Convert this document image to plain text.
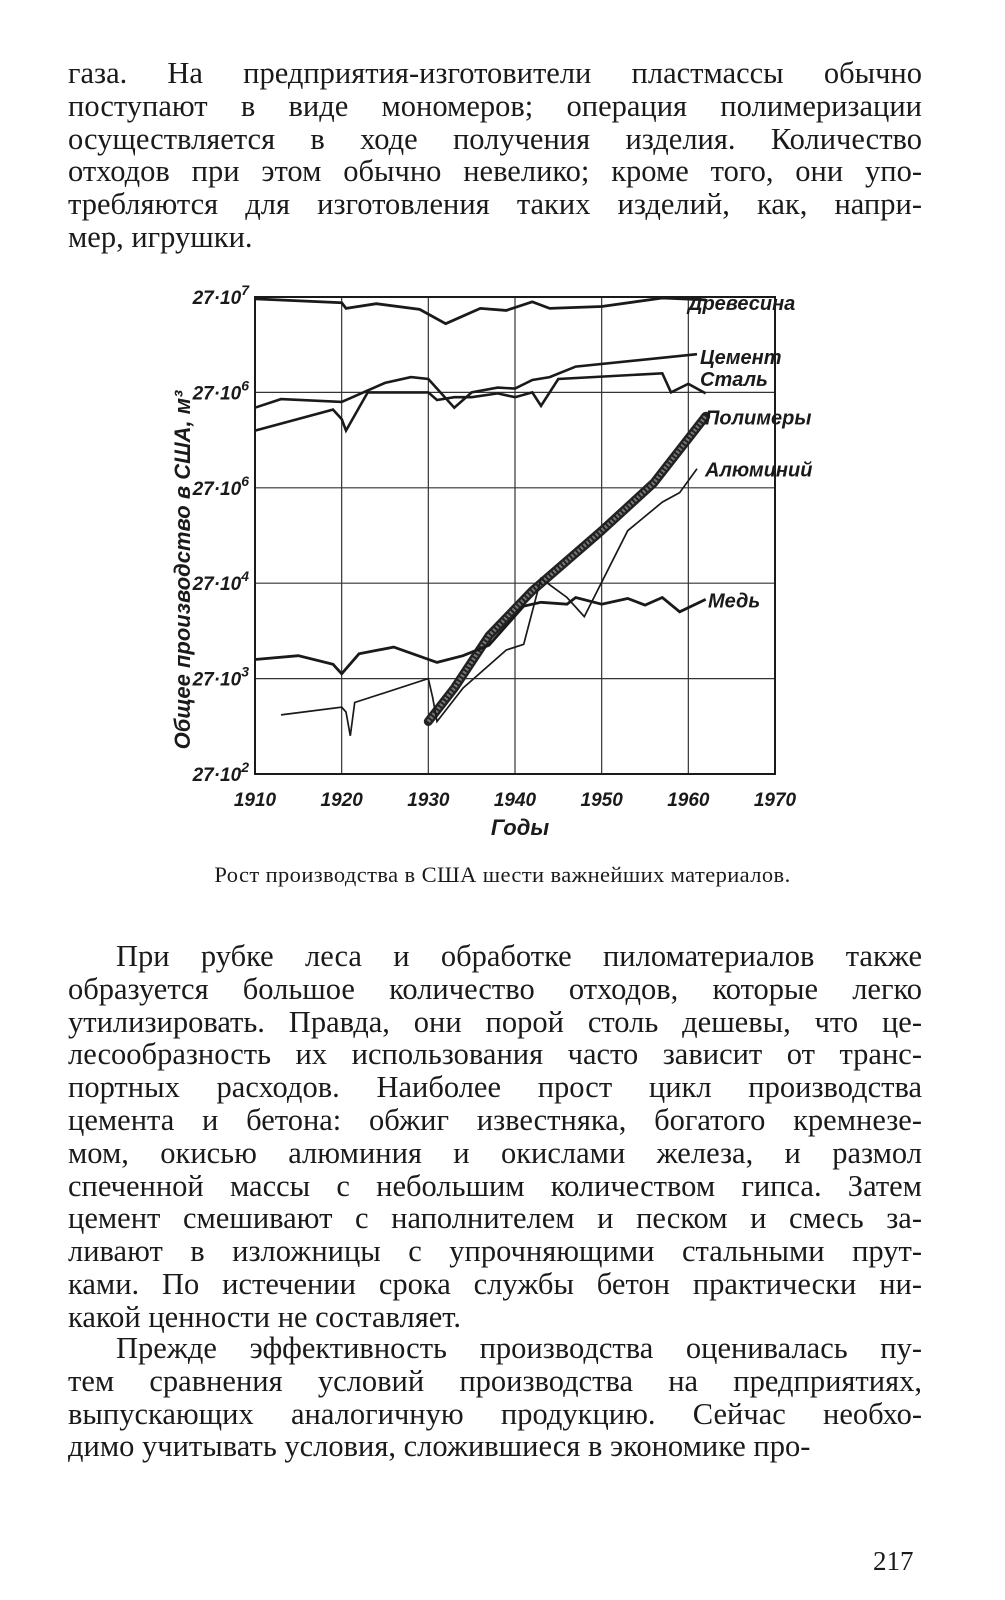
газа. На предприятия-изготовители пластмассы обычно
поступают в виде мономеров; операция полимеризации
осуществляется в ходе получения изделия. Количество
отходов при этом обычно невелико; кроме того, они упо-
требляются для изготовления таких изделий, как, напри-
мер, игрушки.

$27\cdot 10^2$
$27\cdot 10^3$
$27\cdot 10^4$
$27\cdot 10^6$
$27\cdot 10^6$
$27\cdot 10^7$
1910 1920 1930 1940 1950 1960 1970
Древесина
Цемент
Сталь
Полимеры
Алюминий
Медь
Годы
Общее производство в США, м³
Рост производства в США шести важнейших материалов.

При рубке леса и обработке пиломатериалов также
образуется большое количество отходов, которые легко
утилизировать. Правда, они порой столь дешевы, что це-
лесообразность их использования часто зависит от транс-
портных расходов. Наиболее прост цикл производства
цемента и бетона: обжиг известняка, богатого кремнезе-
мом, окисью алюминия и окислами железа, и размол
спеченной массы с небольшим количеством гипса. Затем
цемент смешивают с наполнителем и песком и смесь за-
ливают в изложницы с упрочняющими стальными прут-
ками. По истечении срока службы бетон практически ни-
какой ценности не составляет.

Прежде эффективность производства оценивалась пу-
тем сравнения условий производства на предприятиях,
выпускающих аналогичную продукцию. Сейчас необхо-
димо учитывать условия, сложившиеся в экономике про-

217
